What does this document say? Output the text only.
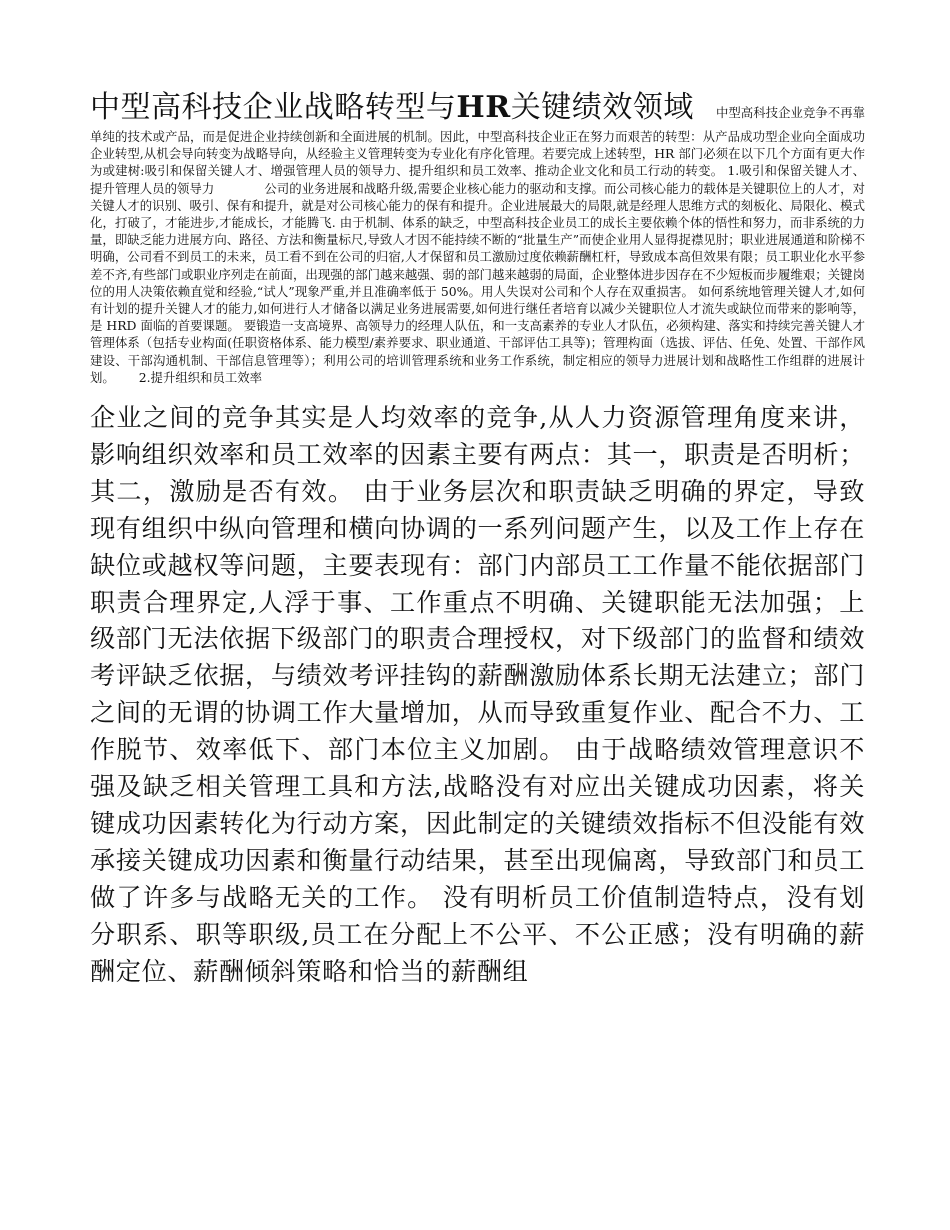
中型高科技企业战略转型与HR关键绩效领域 中型高科技企业竞争不再靠单纯的技术或产品，而是促进企业持续创新和全面进展的机制。因此，中型高科技企业正在努力而艰苦的转型：从产品成功型企业向全面成功企业转型,从机会导向转变为战略导向，从经验主义管理转变为专业化有序化管理。若要完成上述转型，HR 部门必须在以下几个方面有更大作为或建树:吸引和保留关键人才、增强管理人员的领导力、提升组织和员工效率、推动企业文化和员工行动的转变。 1.吸引和保留关键人才、提升管理人员的领导力	公司的业务进展和战略升级,需要企业核心能力的驱动和支撑。而公司核心能力的载体是关键职位上的人才，对关键人才的识别、吸引、保有和提升，就是对公司核心能力的保有和提升。企业进展最大的局限,就是经理人思维方式的刻板化、局限化、模式化，打破了，才能进步,才能成长，才能腾飞. 由于机制、体系的缺乏，中型高科技企业员工的成长主要依赖个体的悟性和努力，而非系统的力量，即缺乏能力进展方向、路径、方法和衡量标尺,导致人才因不能持续不断的“批量生产”而使企业用人显得捉襟见肘；职业进展通道和阶梯不明确，公司看不到员工的未来，员工看不到在公司的归宿,人才保留和员工激励过度依赖薪酬杠杆，导致成本高但效果有限；员工职业化水平参差不齐,有些部门或职业序列走在前面，出现强的部门越来越强、弱的部门越来越弱的局面，企业整体进步因存在不少短板而步履维艰；关键岗位的用人决策依赖直觉和经验,“试人”现象严重,并且准确率低于 50%。用人失误对公司和个人存在双重损害。 如何系统地管理关键人才,如何有计划的提升关键人才的能力,如何进行人才储备以满足业务进展需要,如何进行继任者培育以减少关键职位人才流失或缺位而带来的影响等，是 HRD 面临的首要课题。 要锻造一支高境界、高领导力的经理人队伍，和一支高素养的专业人才队伍，必须构建、落实和持续完善关键人才管理体系（包括专业构面(任职资格体系、能力模型/素养要求、职业通道、干部评估工具等)；管理构面（选拔、评估、任免、处置、干部作风建设、干部沟通机制、干部信息管理等）；利用公司的培训管理系统和业务工作系统，制定相应的领导力进展计划和战略性工作组群的进展计划。 2.提升组织和员工效率
企业之间的竞争其实是人均效率的竞争,从人力资源管理角度来讲，影响组织效率和员工效率的因素主要有两点：其一，职责是否明析；其二，激励是否有效。 由于业务层次和职责缺乏明确的界定，导致现有组织中纵向管理和横向协调的一系列问题产生，以及工作上存在缺位或越权等问题，主要表现有：部门内部员工工作量不能依据部门职责合理界定,人浮于事、工作重点不明确、关键职能无法加强；上级部门无法依据下级部门的职责合理授权，对下级部门的监督和绩效考评缺乏依据，与绩效考评挂钩的薪酬激励体系长期无法建立；部门之间的无谓的协调工作大量增加，从而导致重复作业、配合不力、工作脱节、效率低下、部门本位主义加剧。 由于战略绩效管理意识不强及缺乏相关管理工具和方法,战略没有对应出关键成功因素，将关键成功因素转化为行动方案，因此制定的关键绩效指标不但没能有效承接关键成功因素和衡量行动结果，甚至出现偏离，导致部门和员工做了许多与战略无关的工作。 没有明析员工价值制造特点，没有划分职系、职等职级,员工在分配上不公平、不公正感；没有明确的薪酬定位、薪酬倾斜策略和恰当的薪酬组
